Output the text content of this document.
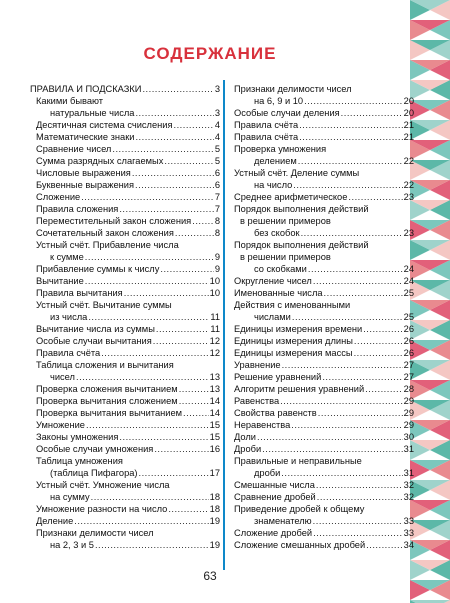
СОДЕРЖАНИЕ
ПРАВИЛА И ПОДСКАЗКИ .....	3
Какими бывают
натуральные числа .....	3
Десятичная система счисления .....	4
Математические знаки .....	4
Сравнение чисел .....	5
Сумма разрядных слагаемых .....	5
Числовые выражения .....	6
Буквенные выражения .....	6
Сложение .....	7
Правила сложения .....	7
Переместительный закон сложения .....	8
Сочетательный закон сложения .....	8
Устный счёт. Прибавление числа
к сумме .....	9
Прибавление суммы к числу .....	9
Вычитание .....	10
Правила вычитания .....	10
Устный счёт. Вычитание суммы
из числа .....	11
Вычитание числа из суммы .....	11
Особые случаи вычитания .....	12
Правила счёта .....	12
Таблица сложения и вычитания
чисел .....	13
Проверка сложения вычитанием .....	13
Проверка вычитания сложением .....	14
Проверка вычитания вычитанием .....	14
Умножение .....	15
Законы умножения .....	15
Особые случаи умножения .....	16
Таблица умножения
(таблица Пифагора) .....	17
Устный счёт. Умножение числа
на сумму .....	18
Умножение разности на число .....	18
Деление .....	19
Признаки делимости чисел
на 2, 3 и 5 .....	19
Признаки делимости чисел
на 6, 9 и 10 .....	20
Особые случаи деления .....	20
Правила счёта .....	21
Правила счёта .....	21
Проверка умножения
делением .....	22
Устный счёт. Деление суммы
на число .....	22
Среднее арифметическое .....	23
Порядок выполнения действий
в решении примеров
без скобок .....	23
Порядок выполнения действий
в решении примеров
со скобками .....	24
Округление чисел .....	24
Именованные числа .....	25
Действия с именованными
числами .....	25
Единицы измерения времени .....	26
Единицы измерения длины .....	26
Единицы измерения массы .....	26
Уравнение .....	27
Решение уравнений .....	27
Алгоритм решения уравнений .....	28
Равенства .....	29
Свойства равенств .....	29
Неравенства .....	29
Доли .....	30
Дроби .....	31
Правильные и неправильные
дроби .....	31
Смешанные числа .....	32
Сравнение дробей .....	32
Приведение дробей к общему
знаменателю .....	33
Сложение дробей .....	33
Сложение смешанных дробей .....	34
63
